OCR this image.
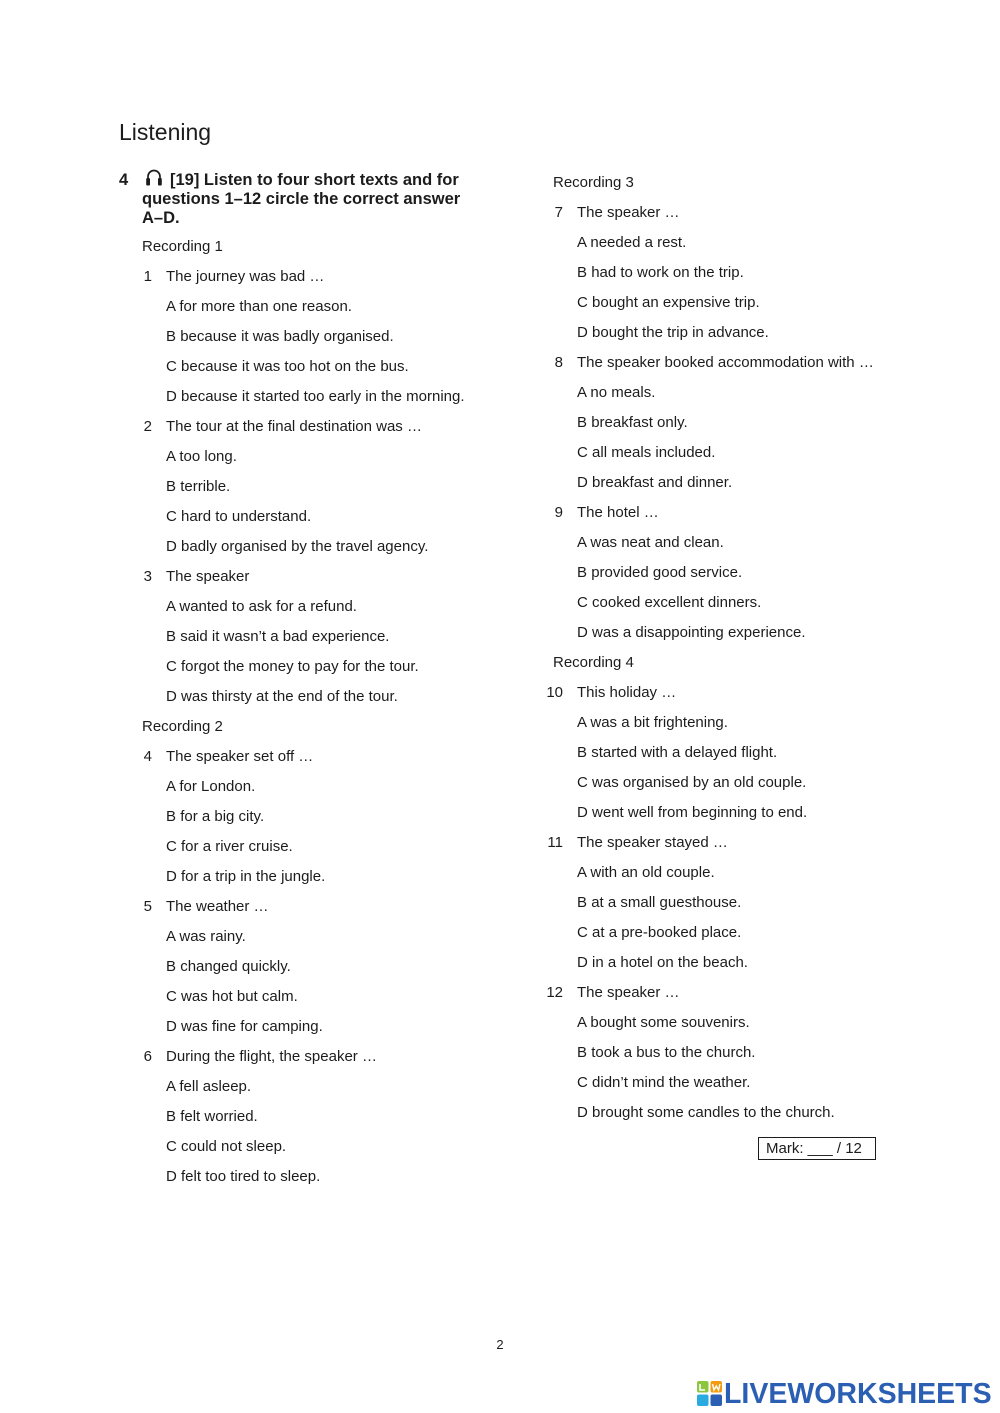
Listening
4	[19] Listen to four short texts and for questions 1–12 circle the correct answer A–D.

Recording 1
1 The journey was bad …
A for more than one reason.
B because it was badly organised.
C because it was too hot on the bus.
D because it started too early in the morning.
2 The tour at the final destination was …
A too long.
B terrible.
C hard to understand.
D badly organised by the travel agency.
3 The speaker
A wanted to ask for a refund.
B said it wasn’t a bad experience.
C forgot the money to pay for the tour.
D was thirsty at the end of the tour.
Recording 2
4 The speaker set off …
A for London.
B for a big city.
C for a river cruise.
D for a trip in the jungle.
5 The weather …
A was rainy.
B changed quickly.
C was hot but calm.
D was fine for camping.
6 During the flight, the speaker …
A fell asleep.
B felt worried.
C could not sleep.
D felt too tired to sleep.
Recording 3
7 The speaker …
A needed a rest.
B had to work on the trip.
C bought an expensive trip.
D bought the trip in advance.
8 The speaker booked accommodation with …
A no meals.
B breakfast only.
C all meals included.
D breakfast and dinner.
9 The hotel …
A was neat and clean.
B provided good service.
C cooked excellent dinners.
D was a disappointing experience.
Recording 4
10 This holiday …
A was a bit frightening.
B started with a delayed flight.
C was organised by an old couple.
D went well from beginning to end.
11 The speaker stayed …
A with an old couple.
B at a small guesthouse.
C at a pre-booked place.
D in a hotel on the beach.
12 The speaker …
A bought some souvenirs.
B took a bus to the church.
C didn’t mind the weather.
D brought some candles to the church.
Mark: ___ / 12
2
LIVEWORKSHEETS
